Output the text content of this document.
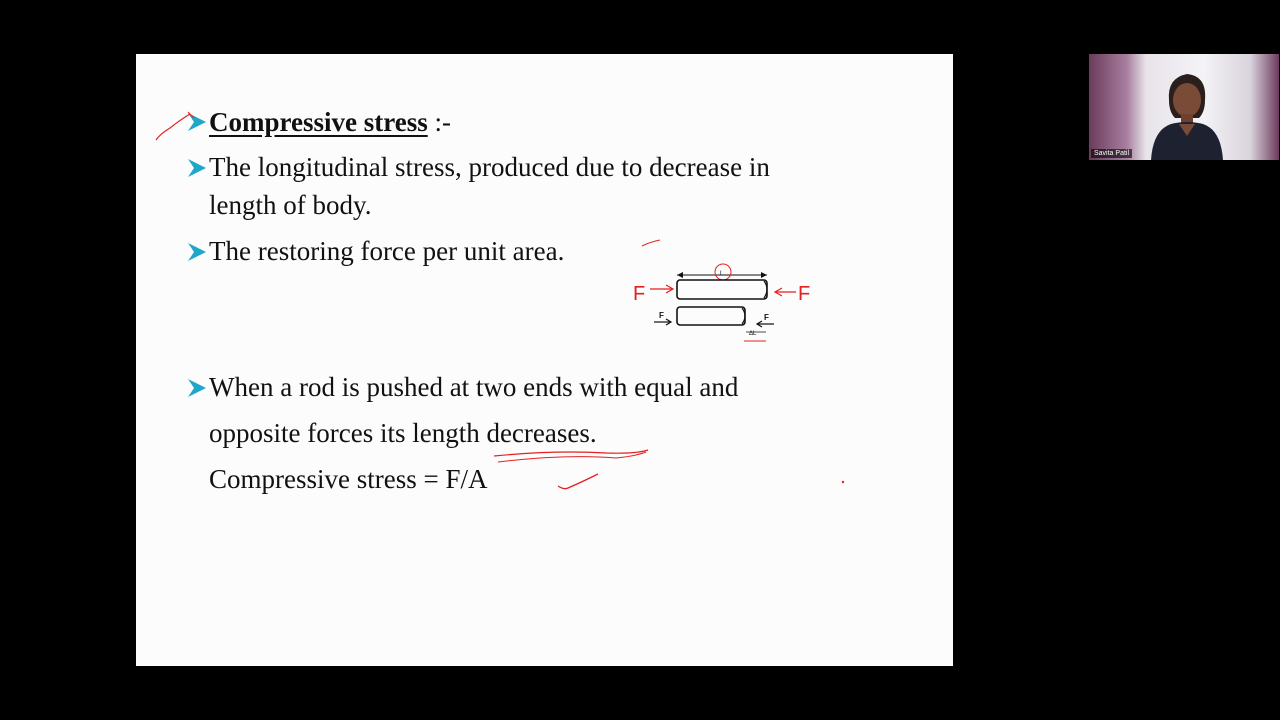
Compressive stress :-
The longitudinal stress, produced due to decrease in
length of body.
The restoring force per unit area.
When a rod is pushed at two ends with equal and
opposite forces its length decreases.
Compressive stress = F/A
L
F	F
F	F
ΔL
Savita Patil
